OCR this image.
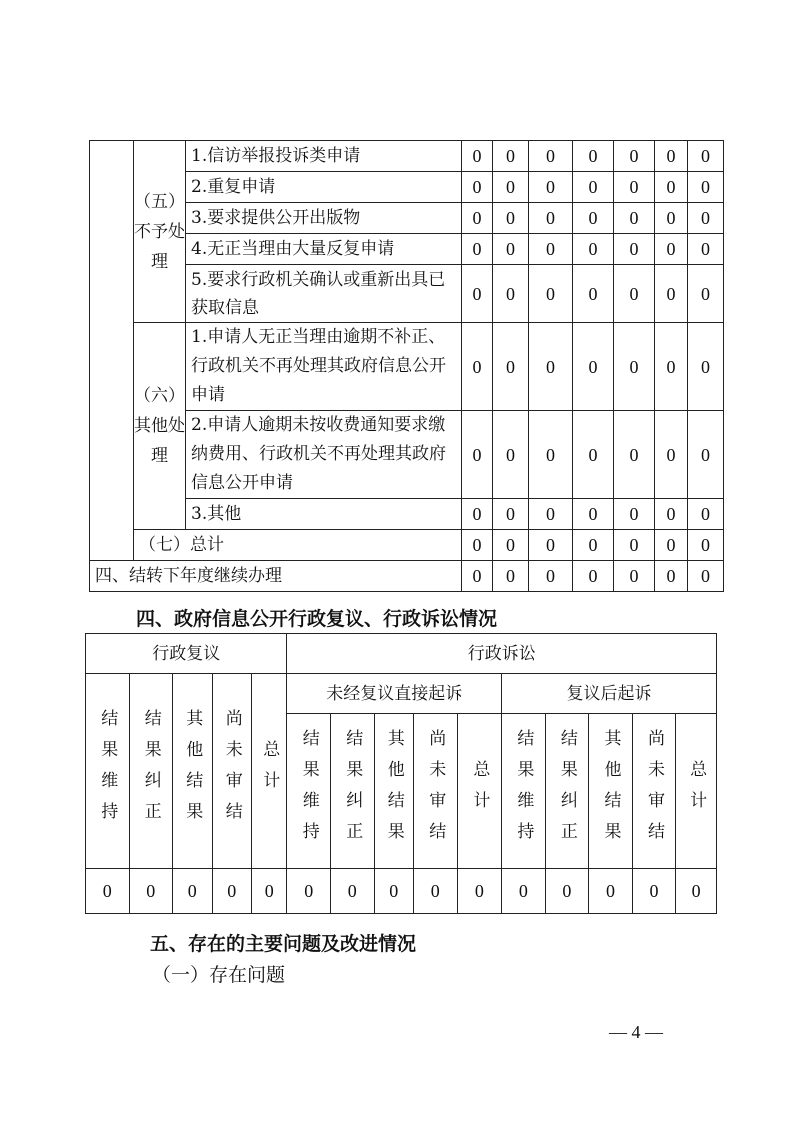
	（五）不予处理	1.信访举报投诉类申请	0	0	0	0	0	0	0
		2.重复申请	0	0	0	0	0	0	0
		3.要求提供公开出版物	0	0	0	0	0	0	0
		4.无正当理由大量反复申请	0	0	0	0	0	0	0
		5.要求行政机关确认或重新出具已获取信息	0	0	0	0	0	0	0
	（六）其他处理	1.申请人无正当理由逾期不补正、行政机关不再处理其政府信息公开申请	0	0	0	0	0	0	0
		2.申请人逾期未按收费通知要求缴纳费用、行政机关不再处理其政府信息公开申请	0	0	0	0	0	0	0
		3.其他	0	0	0	0	0	0	0
	（七）总计		0	0	0	0	0	0	0
四、结转下年度继续办理			0	0	0	0	0	0	0
四、政府信息公开行政复议、行政诉讼情况
行政复议					行政诉讼									

结果维持	结果纠正	其他结果	尚未审结	总计	未经复议直接起诉					复议后起诉				

					结果维持	结果纠正	其他结果	尚未审结	总计	结果维持	结果纠正	其他结果	尚未审结	总计

0	0	0	0	0	0	0	0	0	0	0	0	0	0	0
五、存在的主要问题及改进情况
（一）存在问题
— 4 —
